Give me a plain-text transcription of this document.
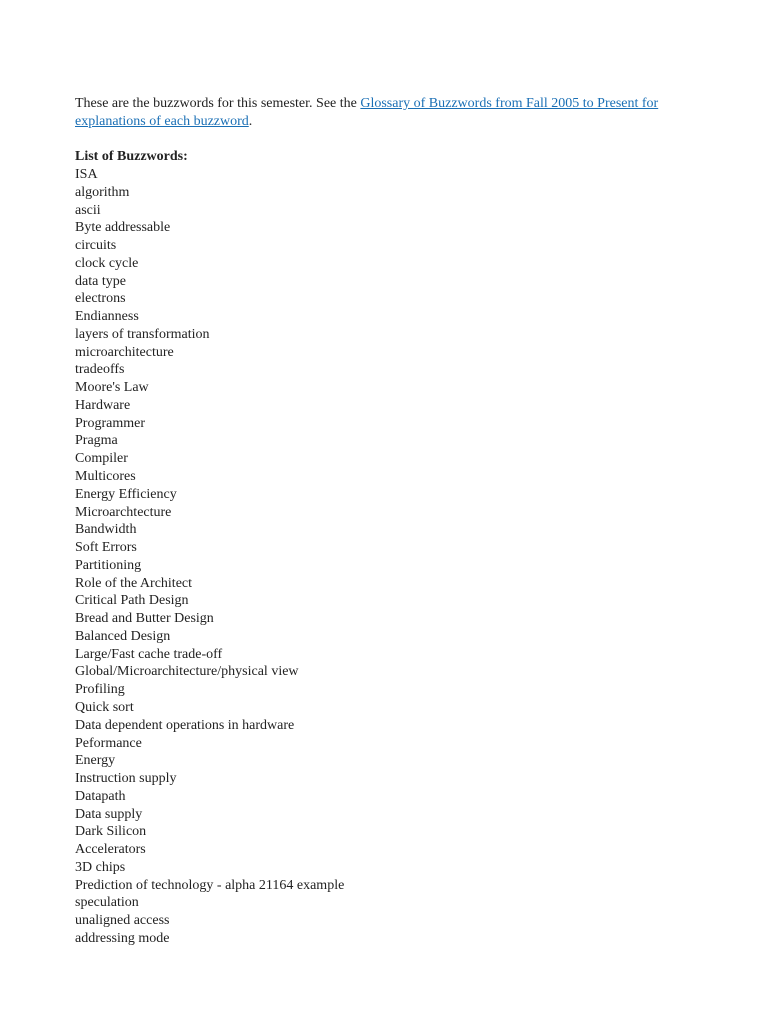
These are the buzzwords for this semester. See the Glossary of Buzzwords from Fall 2005 to Present for explanations of each buzzword.

List of Buzzwords:

ISA
algorithm
ascii
Byte addressable
circuits
clock cycle
data type
electrons
Endianness
layers of transformation
microarchitecture
tradeoffs
Moore's Law
Hardware
Programmer
Pragma
Compiler
Multicores
Energy Efficiency
Microarchtecture
Bandwidth
Soft Errors
Partitioning
Role of the Architect
Critical Path Design
Bread and Butter Design
Balanced Design
Large/Fast cache trade-off
Global/Microarchitecture/physical view
Profiling
Quick sort
Data dependent operations in hardware
Peformance
Energy
Instruction supply
Datapath
Data supply
Dark Silicon
Accelerators
3D chips
Prediction of technology - alpha 21164 example
speculation
unaligned access
addressing mode
